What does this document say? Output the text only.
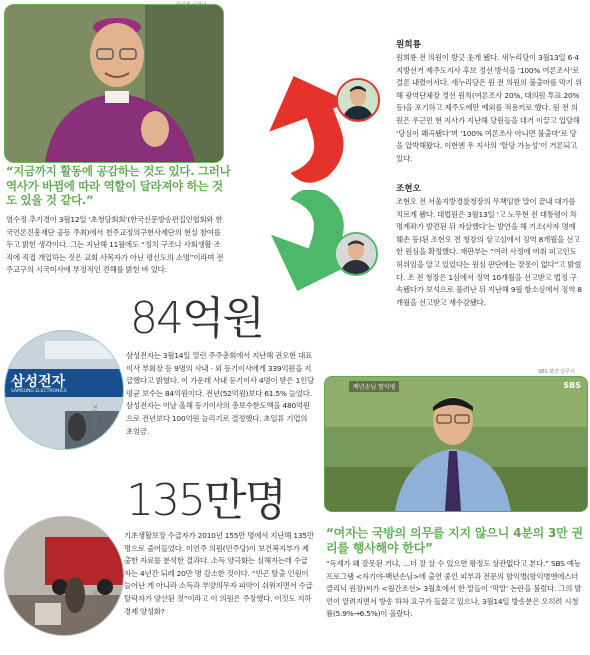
한겨레 이정아
“지금까지 활동에 공감하는 것도 있다. 그러나 역사가 바뀜에 따라 역할이 달라져야 하는 것도 있을 것 같다.”

염수정 추기경이 3월12일 ‘초청담회회’(한국신문방송편집인협회와 한국언론진흥재단 공동 주최)에서 천주교정의구현사제단의 현실 참여를 두고 밝힌 생각이다. 그는 지난해 11월에도 “정치 구조나 사회생활 조직에 직접 개입하는 것은 교회 사목자가 아닌 평신도의 소명”이라며 전주교구의 시국미사에 부정적인 견해를 밝힌 바 있다.

84억원
삼성전자
SAMSUNG ELECTRONICS
한겨레 자료

삼성전자는 3월14일 열린 주주총회에서 지난해 권오현 대표이사 부회장 등 9명의 사내 · 외 등기이사에게 339억원을 지급했다고 밝혔다. 이 가운데 사내 등기이사 4명이 받은 1인당 평균 보수는 84억원이다. 전년(52억원)보다 61.5% 늘었다. 삼성전자는 이날 올해 등기이사의 총보수한도액을 480억원으로 전년보다 100억원 늘리기로 결정했다. 초일류 기업의 초임금.

135만명
한겨레 자료

기초생활보장 수급자가 2010년 155만 명에서 지난해 135만 명으로 줄어들었다. 이언주 의원(민주당)이 보건복지부가 제출한 자료를 분석한 결과다. 소득 양극화는 심해지는데 수급자는 4년간 되레 20만 명 감소한 것이다. “빈곤 탈출 인원이 늘어난 게 아니라 소득과 부양의무자 파악이 쉬워지면서 수급 탈락자가 양산된 것”이라고 이 의원은 주장했다. 이것도 지하경제 양성화?

원희룡

원희룡 전 의원이 방긋 웃게 됐다. 새누리당이 3월13일 6·4 지방선거 제주도지사 후보 경선 방식을 ‘100% 여론조사’로 결론 내렸어서다. 새누리당은 원 전 의원의 불출마를 막기 위해 광역단체장 경선 원칙(여론조사 20%, 대의원 투표 20% 등)을 포기하고 제주도에만 예외를 적용키로 했다. 원 전 의원은 우근민 현 지사가 지난해 당원들을 대거 이끌고 입당해 ‘당심이 왜곡됐다’며 ‘100% 여론조사 아니면 불출마’로 당을 압박해왔다. 이번엔 우 지사의 ‘탈당 가능성’이 거론되고 있다.

조현오

조현오 전 서울지방경찰청장의 무책임한 말이 끝내 대가를 치르게 됐다. 대법원은 3월13일 ‘고 노무현 전 대통령이 차명계좌가 발견된 뒤 자살했다’는 발언을 해 기소(사자 명예훼손 등)된 조현오 전 청장의 상고심에서 징역 8개월을 선고한 원심을 확정했다. 재판부는 “여러 사정에 비춰 피고인도 허위임을 알고 있었다는 원심 판단에는 잘못이 없다”고 밝혔다. 조 전 청장은 1심에서 징역 10개월을 선고받고 법정 구속됐다가 보석으로 풀려난 뒤 지난해 9월 항소심에서 징역 8개월을 선고받고 재수감됐다.

SBS 화면 갈무리
SBS
백년손님 함익병
“여자는 국방의 의무를 지지 않으니 4분의 3만 권리를 행사해야 한다”

“독재가 왜 잘못된 거냐, …더 잘 살 수 있으면 왕정도 상관없다고 본다.” SBS 예능 프로그램 <자기야-백년손님>에 출연 중인 피부과 전문의 함익병(함익병앤에스더클리닉 원장)씨가 <월간조선> 3월호에서 한 말들이 ‘막말’ 논란을 불렀다. 그의 발언이 알려지면서 방송 하차 요구가 들끓고 있으나, 3월14일 방송분은 오히려 시청률(5.9%→6.5%)이 올랐다.
